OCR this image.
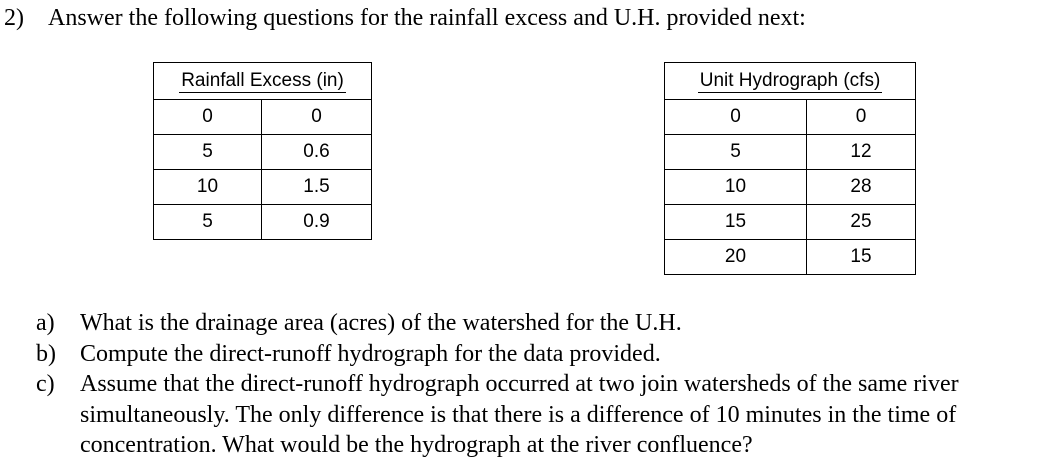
2) Answer the following questions for the rainfall excess and U.H. provided next:
Rainfall Excess (in)	
0	0
5	0.6
10	1.5
5	0.9
Unit Hydrograph (cfs)	
0	0
5	12
10	28
15	25
20	15
a)	What is the drainage area (acres) of the watershed for the U.H.
b)	Compute the direct-runoff hydrograph for the data provided.
c)	Assume that the direct-runoff hydrograph occurred at two join watersheds of the same river simultaneously. The only difference is that there is a difference of 10 minutes in the time of concentration. What would be the hydrograph at the river confluence?
